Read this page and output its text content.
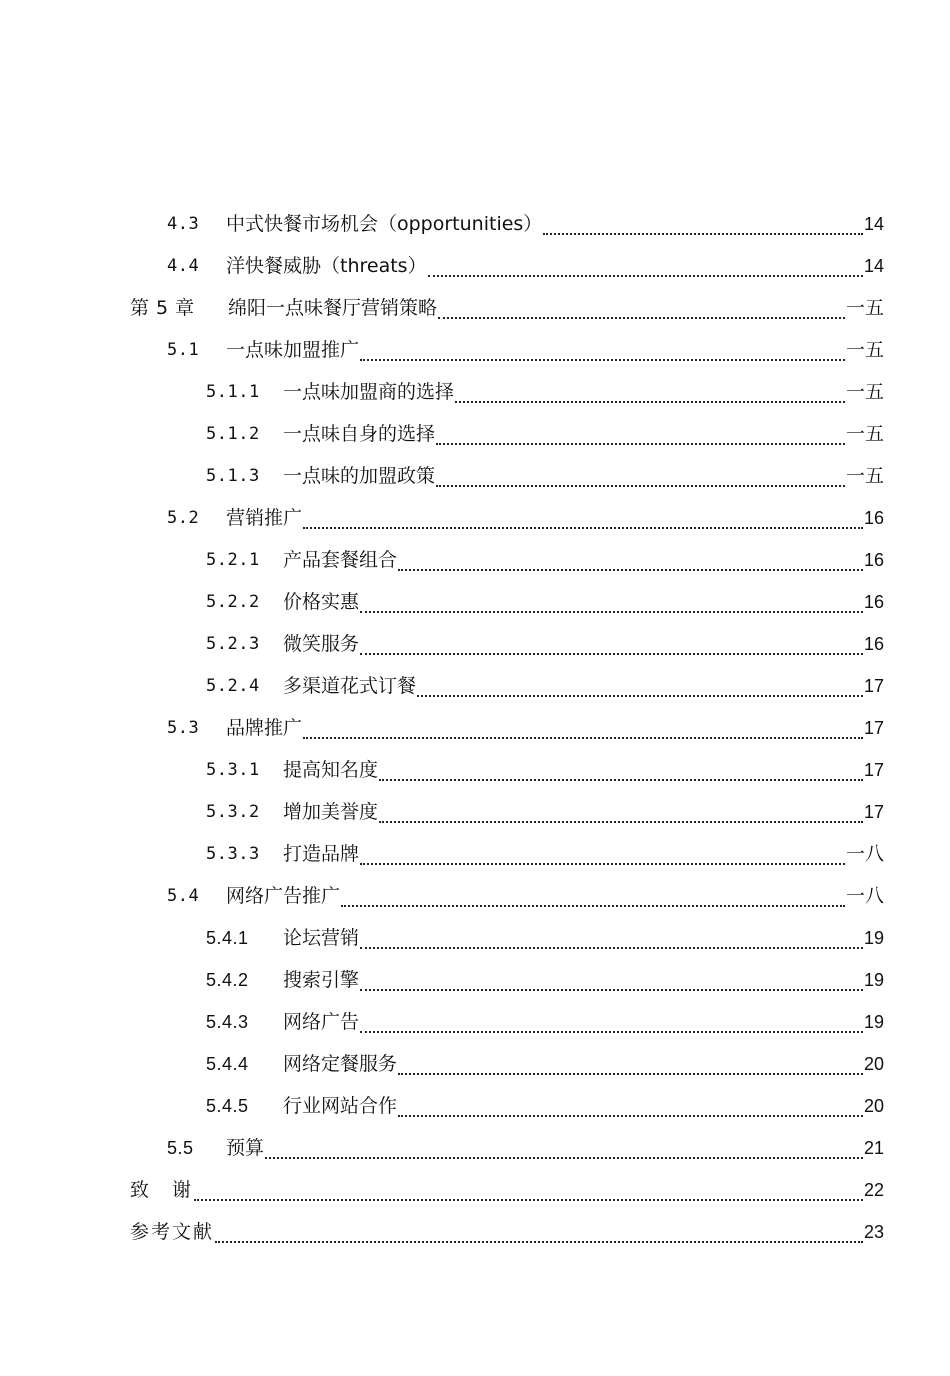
4.3	中式快餐市场机会（opportunities）	14
4.4	洋快餐威胁（threats）	14
第 5 章	绵阳一点味餐厅营销策略	一五
5.1	一点味加盟推广	一五
5.1.1	一点味加盟商的选择	一五
5.1.2	一点味自身的选择	一五
5.1.3	一点味的加盟政策	一五
5.2	营销推广	16
5.2.1	产品套餐组合	16
5.2.2	价格实惠	16
5.2.3	微笑服务	16
5.2.4	多渠道花式订餐	17
5.3	品牌推广	17
5.3.1	提高知名度	17
5.3.2	增加美誉度	17
5.3.3	打造品牌	一八
5.4	网络广告推广	一八
5.4.1	论坛营销	19
5.4.2	搜索引擎	19
5.4.3	网络广告	19
5.4.4	网络定餐服务	20
5.4.5	行业网站合作	20
5.5	预算	21
致　谢	22
参考文献	23
